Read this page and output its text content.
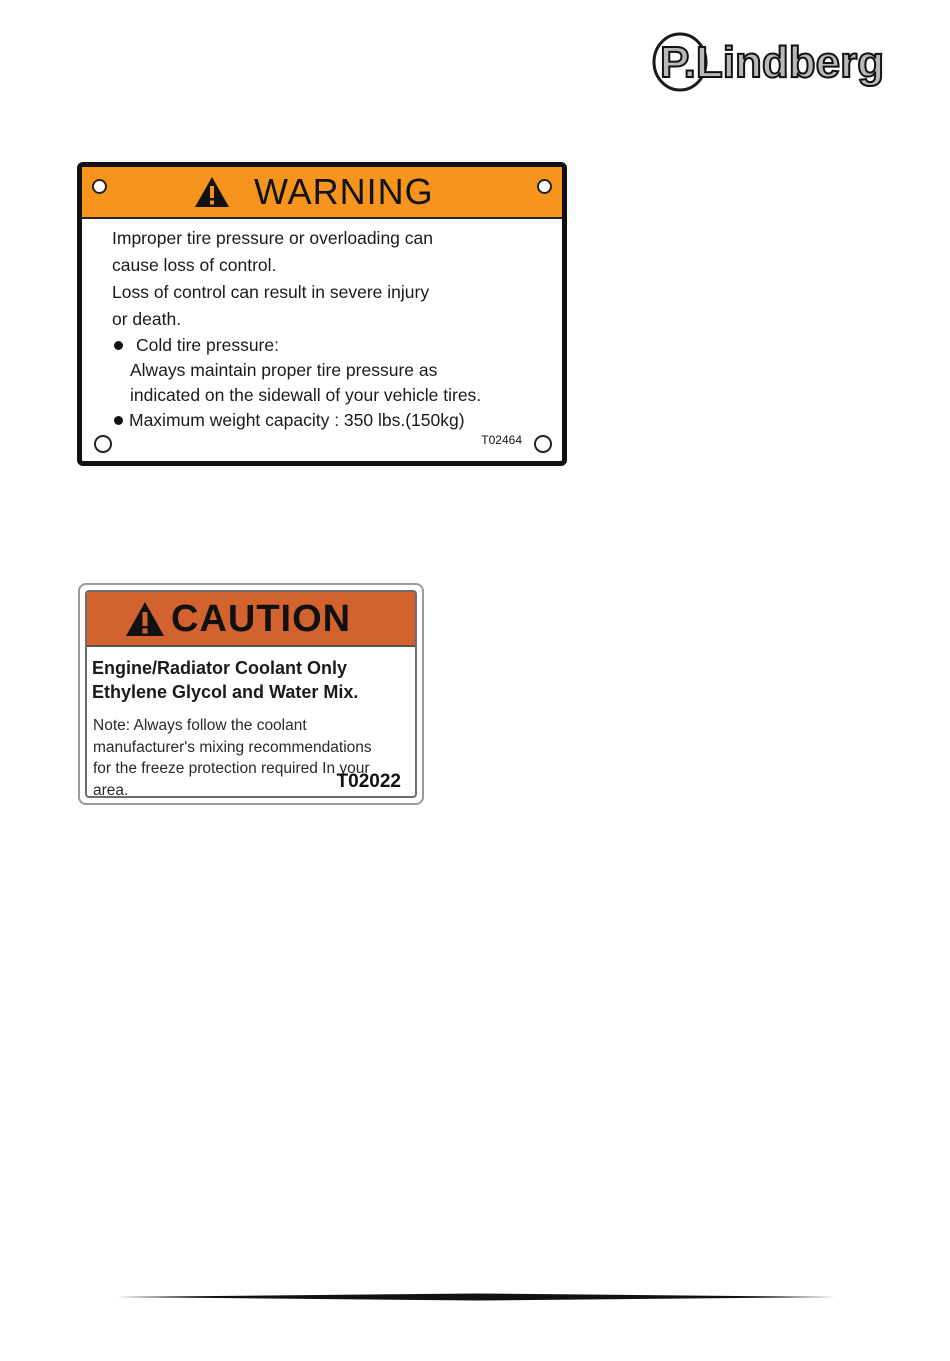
P.Lindberg
WARNING

Improper tire pressure or overloading can

cause loss of control.

Loss of control can result in severe injury

or death.

Cold tire pressure:

Always maintain proper tire pressure as

indicated on the sidewall of your vehicle tires.

Maximum weight capacity : 350 lbs.(150kg)

T02464
CAUTION
Engine/Radiator Coolant Only
Ethylene Glycol and Water Mix.
Note: Always follow the coolant
manufacturer's mixing recommendations
for the freeze protection required In your
area.	T02022
